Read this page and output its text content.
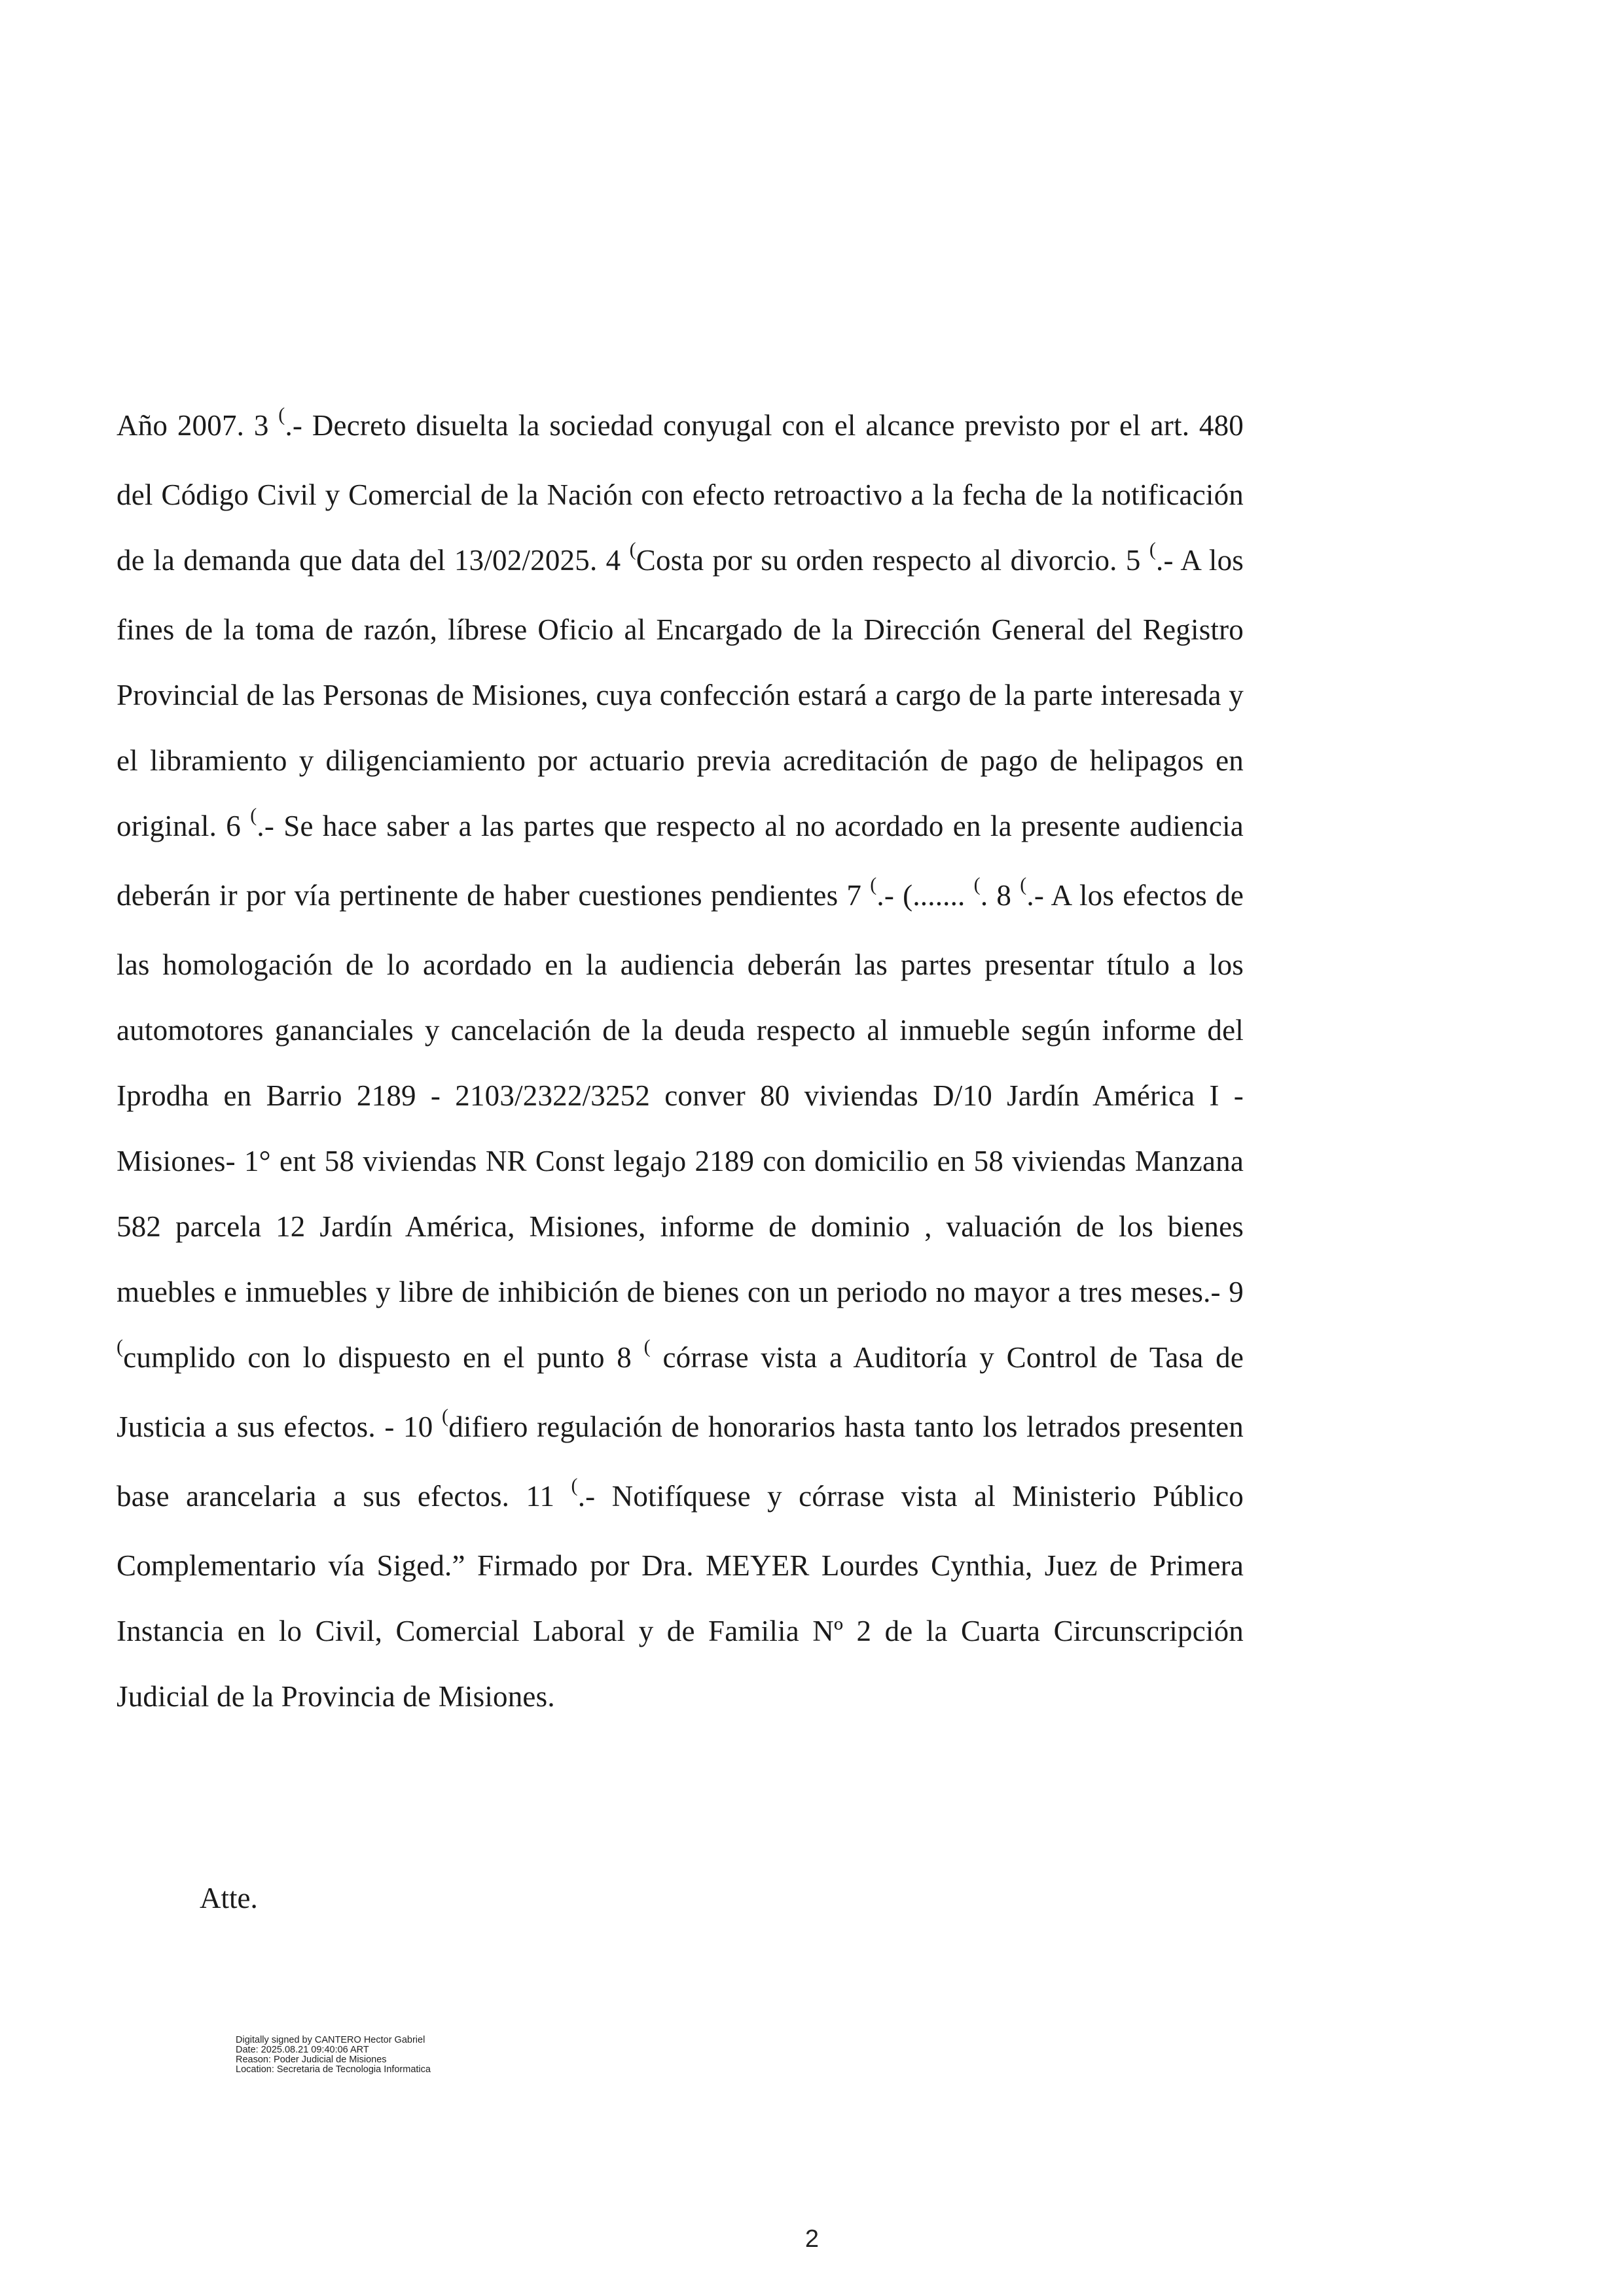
Año 2007. 3 (.- Decreto disuelta la sociedad conyugal con el alcance previsto por el art. 480 del Código Civil y Comercial de la Nación con efecto retroactivo a la fecha de la notificación de la demanda que data del 13/02/2025. 4 (Costa por su orden respecto al divorcio. 5 (.- A los fines de la toma de razón, líbrese Oficio al Encargado de la Dirección General del Registro Provincial de las Personas de Misiones, cuya confección estará a cargo de la parte interesada y el libramiento y diligenciamiento por actuario previa acreditación de pago de helipagos en original. 6 (.- Se hace saber a las partes que respecto al no acordado en la presente audiencia deberán ir por vía pertinente de haber cuestiones pendientes 7 (.- (....... (. 8 (.- A los efectos de las homologación de lo acordado en la audiencia deberán las partes presentar título a los automotores gananciales y cancelación de la deuda respecto al inmueble según informe del Iprodha en Barrio 2189 - 2103/2322/3252 conver 80 viviendas D/10 Jardín América I - Misiones- 1° ent 58 viviendas NR Const legajo 2189 con domicilio en 58 viviendas Manzana 582 parcela 12 Jardín América, Misiones, informe de dominio , valuación de los bienes muebles e inmuebles y libre de inhibición de bienes con un periodo no mayor a tres meses.- 9 (cumplido con lo dispuesto en el punto 8 ( córrase vista a Auditoría y Control de Tasa de Justicia a sus efectos. - 10 (difiero regulación de honorarios hasta tanto los letrados presenten base arancelaria a sus efectos. 11 (.- Notifíquese y córrase vista al Ministerio Público Complementario vía Siged.” Firmado por Dra. MEYER Lourdes Cynthia, Juez de Primera Instancia en lo Civil, Comercial Laboral y de Familia Nº 2 de la Cuarta Circunscripción Judicial de la Provincia de Misiones.

Atte.

Digitally signed by CANTERO Hector Gabriel
Date: 2025.08.21 09:40:06 ART
Reason: Poder Judicial de Misiones
Location: Secretaria de Tecnologia Informatica
2
